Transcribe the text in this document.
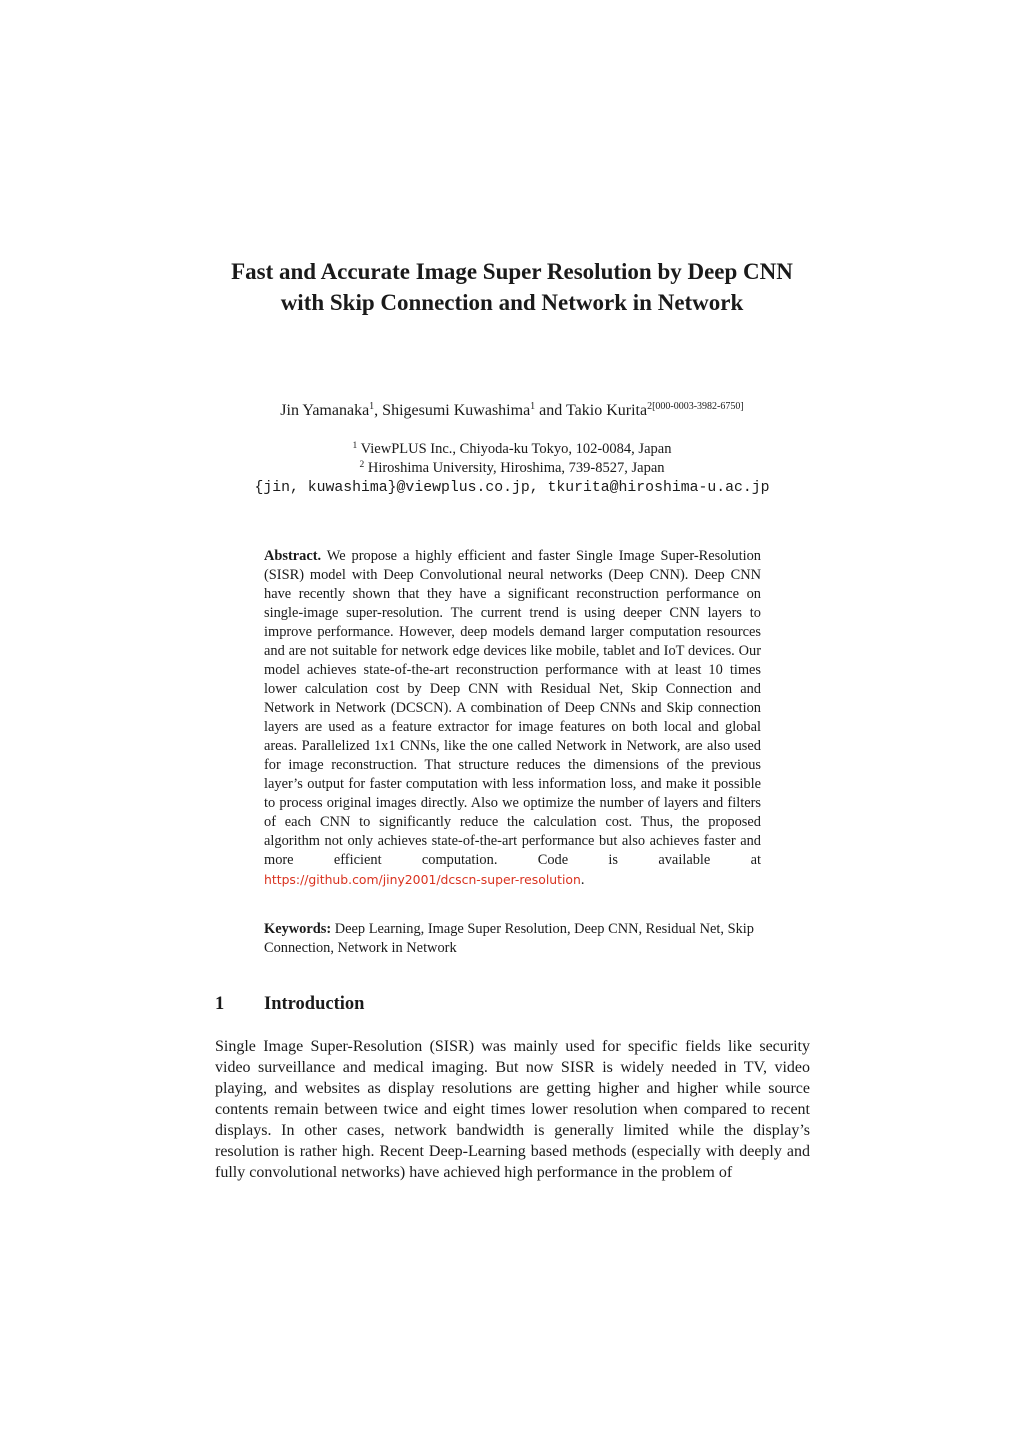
Fast and Accurate Image Super Resolution by Deep CNN
with Skip Connection and Network in Network
Jin Yamanaka$^1$, Shigesumi Kuwashima$^1$ and Takio Kurita$^{2[000-0003-3982-6750]}$
$^1$ ViewPLUS Inc., Chiyoda-ku Tokyo, 102-0084, Japan
$^2$ Hiroshima University, Hiroshima, 739-8527, Japan
{jin, kuwashima}@viewplus.co.jp, tkurita@hiroshima-u.ac.jp

Abstract. We propose a highly efficient and faster Single Image Super-Resolution (SISR) model with Deep Convolutional neural networks (Deep CNN). Deep CNN have recently shown that they have a significant reconstruction performance on single-image super-resolution. The current trend is using deeper CNN layers to improve performance. However, deep models demand larger computation resources and are not suitable for network edge devices like mobile, tablet and IoT devices. Our model achieves state-of-the-art reconstruction performance with at least 10 times lower calculation cost by Deep CNN with Residual Net, Skip Connection and Network in Network (DCSCN). A combination of Deep CNNs and Skip connection layers are used as a feature extractor for image features on both local and global areas. Parallelized 1x1 CNNs, like the one called Network in Network, are also used for image reconstruction. That structure reduces the dimensions of the previous layer’s output for faster computation with less information loss, and make it possible to process original images directly. Also we optimize the number of layers and filters of each CNN to significantly reduce the calculation cost. Thus, the proposed algorithm not only achieves state-of-the-art performance but also achieves faster and more efficient computation. Code is available at https://github.com/jiny2001/dcscn-super-resolution.

Keywords: Deep Learning, Image Super Resolution, Deep CNN, Residual Net, Skip Connection, Network in Network

1 Introduction

Single Image Super-Resolution (SISR) was mainly used for specific fields like security video surveillance and medical imaging. But now SISR is widely needed in TV, video playing, and websites as display resolutions are getting higher and higher while source contents remain between twice and eight times lower resolution when compared to recent displays. In other cases, network bandwidth is generally limited while the display’s resolution is rather high. Recent Deep-Learning based methods (especially with deeply and fully convolutional networks) have achieved high performance in the problem of
